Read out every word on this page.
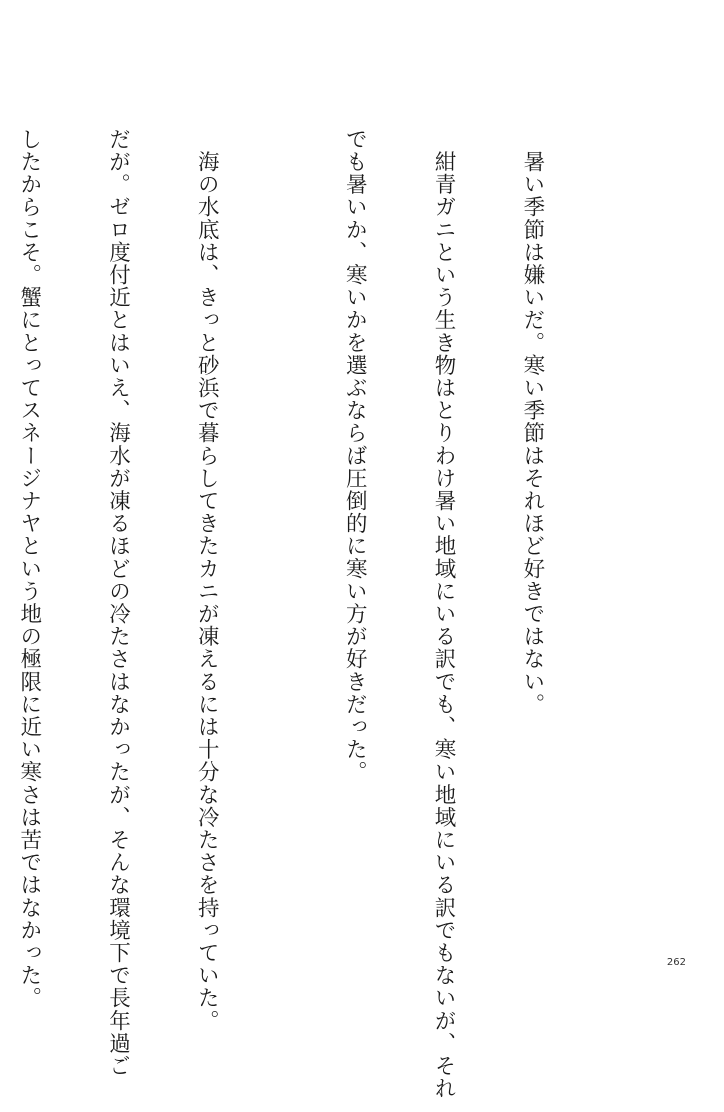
　暑い季節は嫌いだ。寒い季節はそれほど好きではない。

　紺青ガニという生き物はとりわけ暑い地域にいる訳でも、寒い地域にいる訳でもないが、それ

でも暑いか、寒いかを選ぶならば圧倒的に寒い方が好きだった。

　海の水底は、きっと砂浜で暮らしてきたカニが凍えるには十分な冷たさを持っていた。

だが。ゼロ度付近とはいえ、海水が凍るほどの冷たさはなかったが、そんな環境下で長年過ご

したからこそ。蟹にとってスネージナヤという地の極限に近い寒さは苦ではなかった。

	262
